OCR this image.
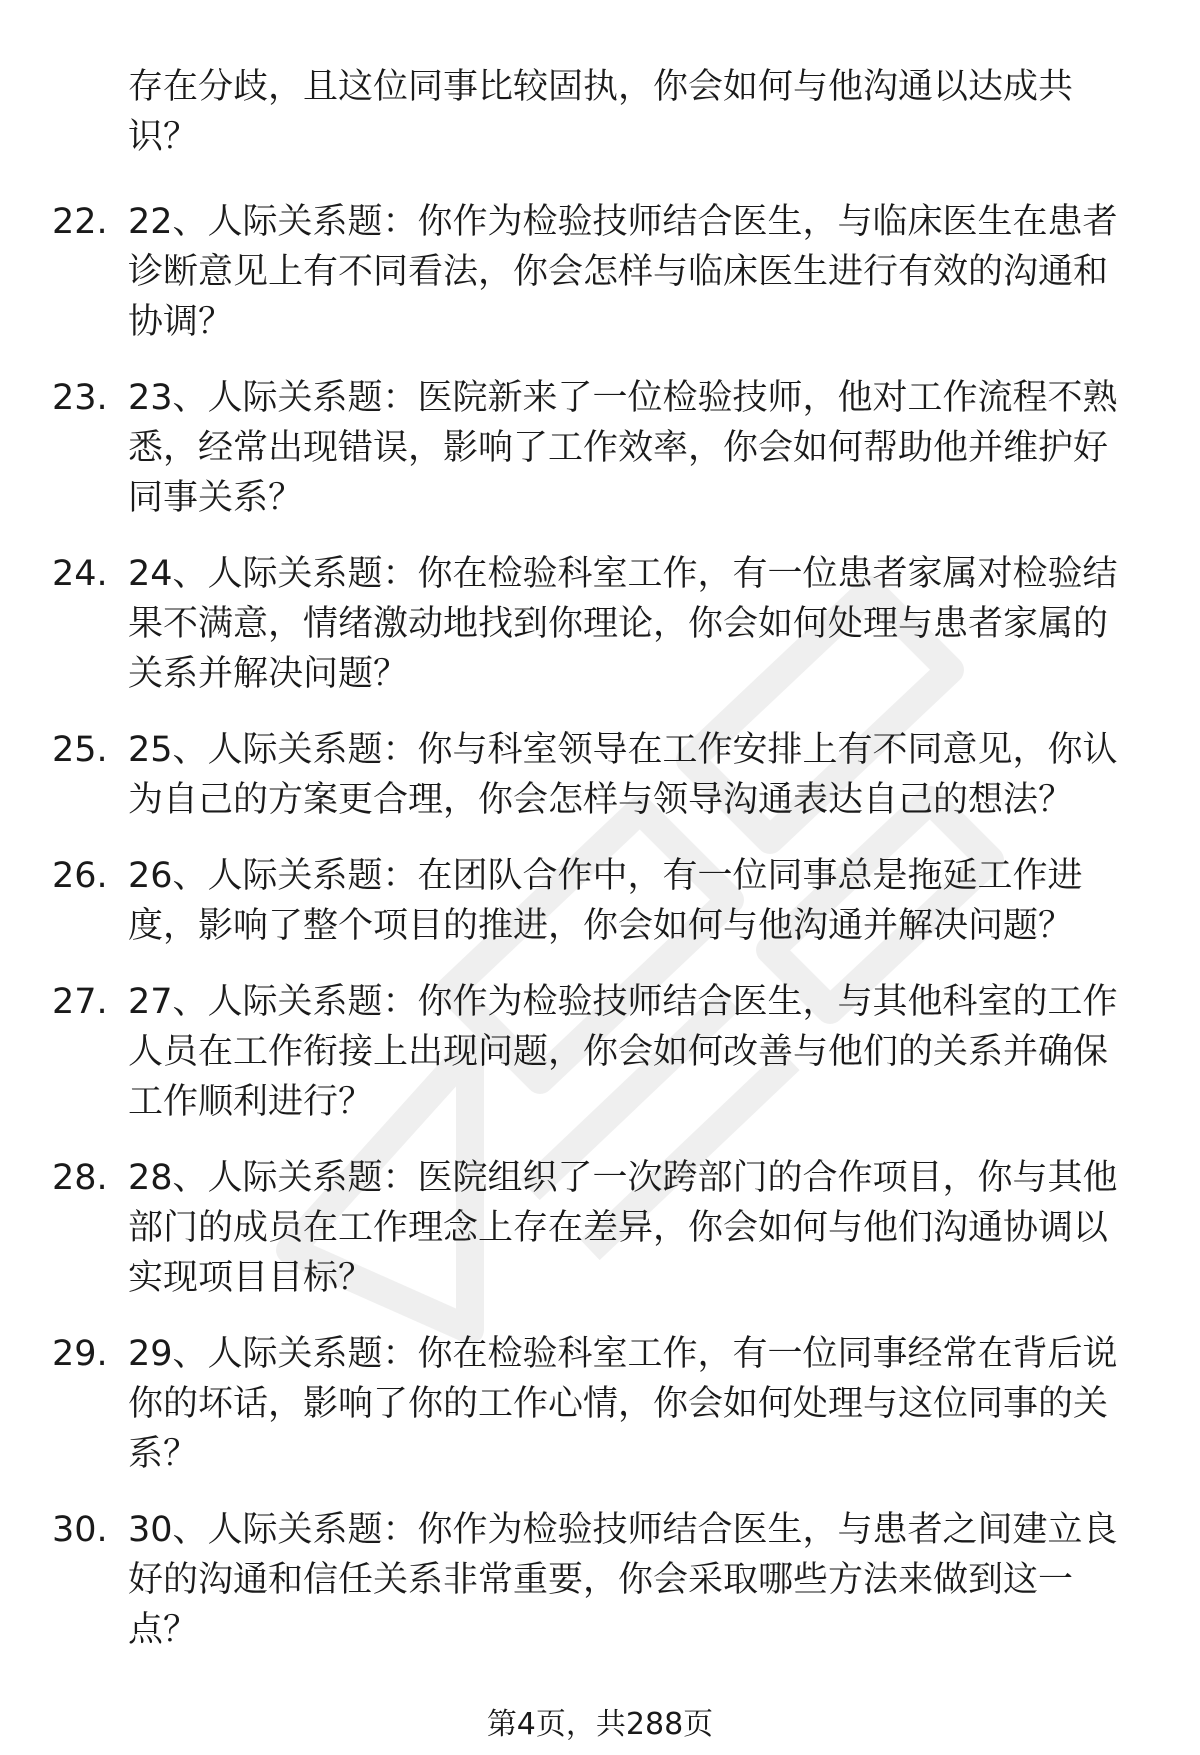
存在分歧，且这位同事比较固执，你会如何与他沟通以达成共识？

22. 22、人际关系题：你作为检验技师结合医生，与临床医生在患者诊断意见上有不同看法，你会怎样与临床医生进行有效的沟通和协调？
23. 23、人际关系题：医院新来了一位检验技师，他对工作流程不熟悉，经常出现错误，影响了工作效率，你会如何帮助他并维护好同事关系？
24. 24、人际关系题：你在检验科室工作，有一位患者家属对检验结果不满意，情绪激动地找到你理论，你会如何处理与患者家属的关系并解决问题？
25. 25、人际关系题：你与科室领导在工作安排上有不同意见，你认为自己的方案更合理，你会怎样与领导沟通表达自己的想法？
26. 26、人际关系题：在团队合作中，有一位同事总是拖延工作进度，影响了整个项目的推进，你会如何与他沟通并解决问题？
27. 27、人际关系题：你作为检验技师结合医生，与其他科室的工作人员在工作衔接上出现问题，你会如何改善与他们的关系并确保工作顺利进行？
28. 28、人际关系题：医院组织了一次跨部门的合作项目，你与其他部门的成员在工作理念上存在差异，你会如何与他们沟通协调以实现项目目标？
29. 29、人际关系题：你在检验科室工作，有一位同事经常在背后说你的坏话，影响了你的工作心情，你会如何处理与这位同事的关系？
30. 30、人际关系题：你作为检验技师结合医生，与患者之间建立良好的沟通和信任关系非常重要，你会采取哪些方法来做到这一点？
第4页，共288页
